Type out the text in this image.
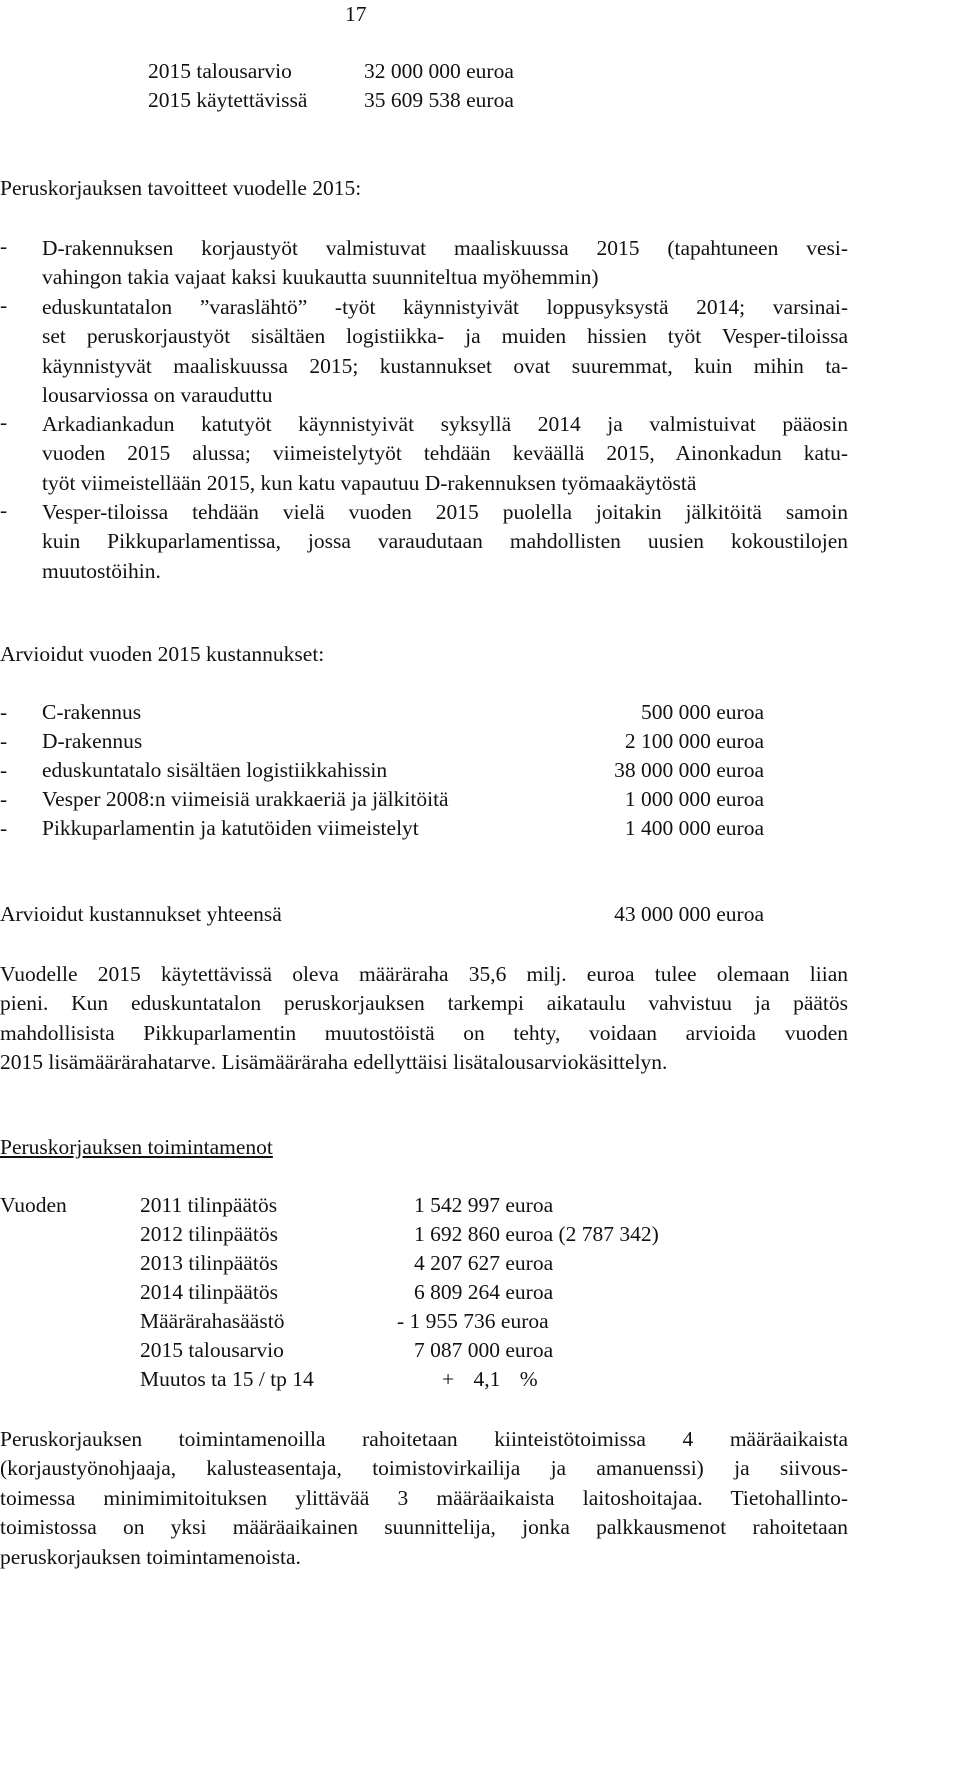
17
2015 talousarvio	32 000 000 euroa
2015 käytettävissä	35 609 538 euroa
Peruskorjauksen tavoitteet vuodelle 2015:
- D-rakennuksen korjaustyöt valmistuvat maaliskuussa 2015 (tapahtuneen vesi-
vahingon takia vajaat kaksi kuukautta suunniteltua myöhemmin)
- eduskuntatalon ”varaslähtö” -työt käynnistyivät loppusyksystä 2014; varsinai-
set peruskorjaustyöt sisältäen logistiikka- ja muiden hissien työt Vesper-tiloissa
käynnistyvät maaliskuussa 2015; kustannukset ovat suuremmat, kuin mihin ta-
lousarviossa on varauduttu
- Arkadiankadun katutyöt käynnistyivät syksyllä 2014 ja valmistuivat pääosin
vuoden 2015 alussa; viimeistelytyöt tehdään keväällä 2015, Ainonkadun katu-
työt viimeistellään 2015, kun katu vapautuu D-rakennuksen työmaakäytöstä
- Vesper-tiloissa tehdään vielä vuoden 2015 puolella joitakin jälkitöitä samoin
kuin Pikkuparlamentissa, jossa varaudutaan mahdollisten uusien kokoustilojen
muutostöihin.
Arvioidut vuoden 2015 kustannukset:
- C-rakennus	500 000 euroa
- D-rakennus	2 100 000 euroa
- eduskuntatalo sisältäen logistiikkahissin	38 000 000 euroa
- Vesper 2008:n viimeisiä urakkaeriä ja jälkitöitä	1 000 000 euroa
- Pikkuparlamentin ja katutöiden viimeistelyt	1 400 000 euroa
Arvioidut kustannukset yhteensä	43 000 000 euroa
Vuodelle 2015 käytettävissä oleva määräraha 35,6 milj. euroa tulee olemaan liian
pieni. Kun eduskuntatalon peruskorjauksen tarkempi aikataulu vahvistuu ja päätös
mahdollisista Pikkuparlamentin muutostöistä on tehty, voidaan arvioida vuoden
2015 lisämäärärahatarve. Lisämääräraha edellyttäisi lisätalousarviokäsittelyn.
Peruskorjauksen toimintamenot
Vuoden	2011 tilinpäätös	1 542 997 euroa
2012 tilinpäätös	1 692 860 euroa (2 787 342)
2013 tilinpäätös	4 207 627 euroa
2014 tilinpäätös	6 809 264 euroa
Määrärahasäästö	- 1 955 736 euroa
2015 talousarvio	7 087 000 euroa
Muutos ta 15 / tp 14	+ 4,1 %
Peruskorjauksen toimintamenoilla rahoitetaan kiinteistötoimissa 4 määräaikaista
(korjaustyönohjaaja, kalusteasentaja, toimistovirkailija ja amanuenssi) ja siivous-
toimessa minimimitoituksen ylittävää 3 määräaikaista laitoshoitajaa. Tietohallinto-
toimistossa on yksi määräaikainen suunnittelija, jonka palkkausmenot rahoitetaan
peruskorjauksen toimintamenoista.
